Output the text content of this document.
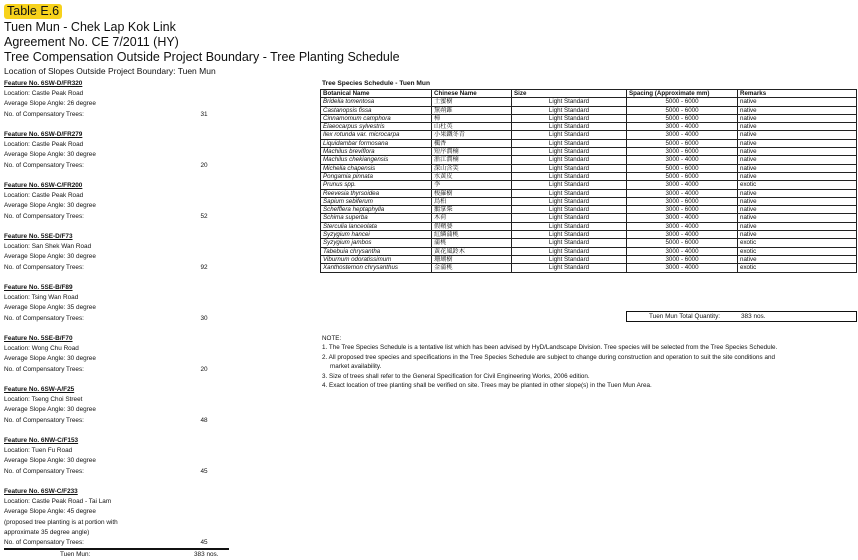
Table E.6
Tuen Mun - Chek Lap Kok Link
Agreement No. CE 7/2011 (HY)
Tree Compensation Outside Project Boundary - Tree Planting Schedule
Location of Slopes Outside Project Boundary: Tuen Mun
Feature No. 6SW-D/FR320
Location: Castle Peak Road
Average Slope Angle: 26 degree
No. of Compensatory Trees:	31
Feature No. 6SW-D/FR279
Location: Castle Peak Road
Average Slope Angle: 30 degree
No. of Compensatory Trees:	20
Feature No. 6SW-C/FR200
Location: Castle Peak Road
Average Slope Angle: 30 degree
No. of Compensatory Trees:	52
Feature No. 5SE-D/F73
Location: San Shek Wan Road
Average Slope Angle: 30 degree
No. of Compensatory Trees:	92
Feature No. 5SE-B/F89
Location: Tsing Wan Road
Average Slope Angle: 35 degree
No. of Compensatory Trees:	30
Feature No. 5SE-B/F70
Location: Wong Chu Road
Average Slope Angle: 30 degree
No. of Compensatory Trees:	20
Feature No. 6SW-A/F25
Location: Tseng Choi Street
Average Slope Angle: 30 degree
No. of Compensatory Trees:	48
Feature No. 6NW-C/F153
Location: Tuen Fu Road
Average Slope Angle: 30 degree
No. of Compensatory Trees:	45
Feature No. 6SW-C/F233
Location: Castle Peak Road - Tai Lam
Average Slope Angle: 45 degree
(proposed tree planting is at portion with
approximate 35 degree angle)
No. of Compensatory Trees:	45
Tuen Mun:	383 nos.
Tree Species Schedule - Tuen Mun
Botanical Name	Chinese Name	Size	Spacing (Approximate mm)	Remarks
Bridelia tomentosa	土蜜樹	Light Standard	5000 - 6000	native
Castanopsis fissa	黧蒴錐	Light Standard	5000 - 6000	native
Cinnamomum camphora	樟	Light Standard	5000 - 6000	native
Elaeocarpus sylvestris	山杜英	Light Standard	3000 - 4000	native
Ilex rotunda var. microcarpa	小果鐵冬青	Light Standard	3000 - 4000	native
Liquidambar formosana	楓香	Light Standard	5000 - 6000	native
Machilus breviflora	短序潤楠	Light Standard	3000 - 6000	native
Machilus chekiangensis	浙江潤楠	Light Standard	3000 - 4000	native
Michelia chapensis	深山含笑	Light Standard	5000 - 6000	native
Pongamia pinnata	水黃皮	Light Standard	5000 - 6000	native
Prunus spp.	李	Light Standard	3000 - 4000	exotic
Reevesia thyrsoidea	梭羅樹	Light Standard	3000 - 4000	native
Sapium sebiferum	烏桕	Light Standard	3000 - 6000	native
Schefflera heptaphylla	鵝掌柴	Light Standard	3000 - 6000	native
Schima superba	木荷	Light Standard	3000 - 4000	native
Sterculia lanceolata	假蘋婆	Light Standard	3000 - 4000	native
Syzygium hancei	紅鱗蒲桃	Light Standard	3000 - 4000	native
Syzygium jambos	蒲桃	Light Standard	5000 - 6000	exotic
Tabebuia chrysantha	黃花風鈴木	Light Standard	3000 - 4000	exotic
Viburnum odoratissimum	珊瑚樹	Light Standard	3000 - 6000	native
Xanthostemon chrysanthus	金蒲桃	Light Standard	3000 - 4000	exotic
Tuen Mun Total Quantity:	383 nos.
NOTE:
1. The Tree Species Schedule is a tentative list which has been advised by HyD/Landscape Division. Tree species will be selected from the Tree Species Schedule.
2. All proposed tree species and specifications in the Tree Species Schedule are subject to change during construction and operation to suit the site conditions and
market availability.
3. Size of trees shall refer to the General Specification for Civil Engineering Works, 2006 edition.
4. Exact location of tree planting shall be verified on site. Trees may be planted in other slope(s) in the Tuen Mun Area.
